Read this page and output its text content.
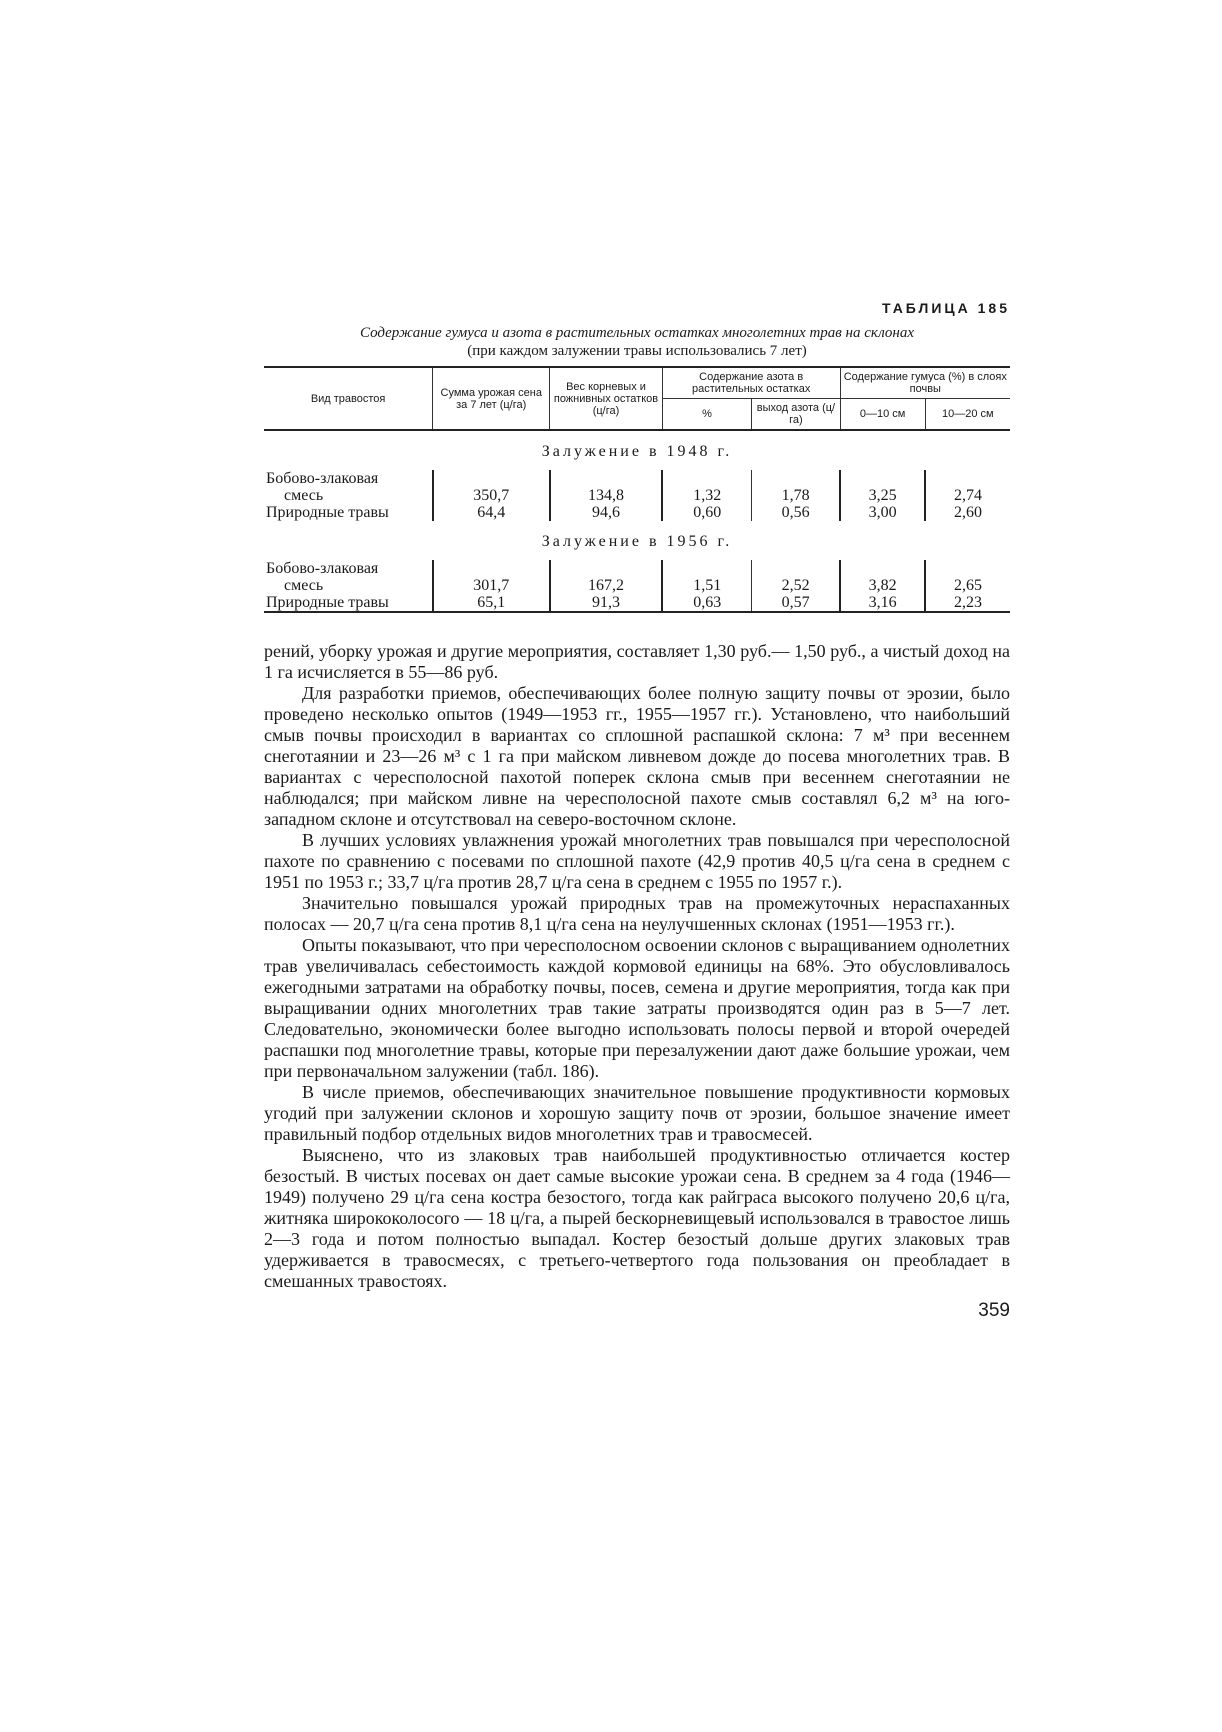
ТАБЛИЦА 185
Содержание гумуса и азота в растительных остатках многолетних трав на склонах
(при каждом залужении травы использовались 7 лет)
Вид травостоя	Сумма урожая сена за 7 лет (ц/га)	Вес корневых и пожнивных остатков (ц/га)	Содержание азота в растительных остатках		Содержание гумуса (%) в слоях почвы	
			%	выход азота (ц/га)	0—10 см	10—20 см
Залужение в 1948 г.						
Бобово-злаковая						
смесь	350,7	134,8	1,32	1,78	3,25	2,74
Природные травы	64,4	94,6	0,60	0,56	3,00	2,60
Залужение в 1956 г.						
Бобово-злаковая						
смесь	301,7	167,2	1,51	2,52	3,82	2,65
Природные травы	65,1	91,3	0,63	0,57	3,16	2,23

рений, уборку урожая и другие мероприятия, составляет 1,30 руб.— 1,50 руб., а чистый доход на 1 га исчисляется в 55—86 руб.

Для разработки приемов, обеспечивающих более полную защиту почвы от эрозии, было проведено несколько опытов (1949—1953 гг., 1955—1957 гг.). Установлено, что наибольший смыв почвы происходил в вариантах со сплошной распашкой склона: 7 м³ при весеннем снеготаянии и 23—26 м³ с 1 га при майском ливневом дожде до посева многолетних трав. В вариантах с чересполосной пахотой поперек склона смыв при весеннем снеготаянии не наблюдался; при майском ливне на чересполосной пахоте смыв составлял 6,2 м³ на юго-западном склоне и отсутствовал на северо-восточном склоне.

В лучших условиях увлажнения урожай многолетних трав повышался при чересполосной пахоте по сравнению с посевами по сплошной пахоте (42,9 против 40,5 ц/га сена в среднем с 1951 по 1953 г.; 33,7 ц/га против 28,7 ц/га сена в среднем с 1955 по 1957 г.).

Значительно повышался урожай природных трав на промежуточных нераспаханных полосах — 20,7 ц/га сена против 8,1 ц/га сена на неулучшенных склонах (1951—1953 гг.).

Опыты показывают, что при чересполосном освоении склонов с выращиванием однолетних трав увеличивалась себестоимость каждой кормовой единицы на 68%. Это обусловливалось ежегодными затратами на обработку почвы, посев, семена и другие мероприятия, тогда как при выращивании одних многолетних трав такие затраты производятся один раз в 5—7 лет. Следовательно, экономически более выгодно использовать полосы первой и второй очередей распашки под многолетние травы, которые при перезалужении дают даже большие урожаи, чем при первоначальном залужении (табл. 186).

В числе приемов, обеспечивающих значительное повышение продуктивности кормовых угодий при залужении склонов и хорошую защиту почв от эрозии, большое значение имеет правильный подбор отдельных видов многолетних трав и травосмесей.

Выяснено, что из злаковых трав наибольшей продуктивностью отличается костер безостый. В чистых посевах он дает самые высокие урожаи сена. В среднем за 4 года (1946—1949) получено 29 ц/га сена костра безостого, тогда как райграса высокого получено 20,6 ц/га, житняка ширококолосого — 18 ц/га, а пырей бескорневищевый использовался в травостое лишь 2—3 года и потом полностью выпадал. Костер безостый дольше других злаковых трав удерживается в травосмесях, с третьего-четвертого года пользования он преобладает в смешанных травостоях.

359
